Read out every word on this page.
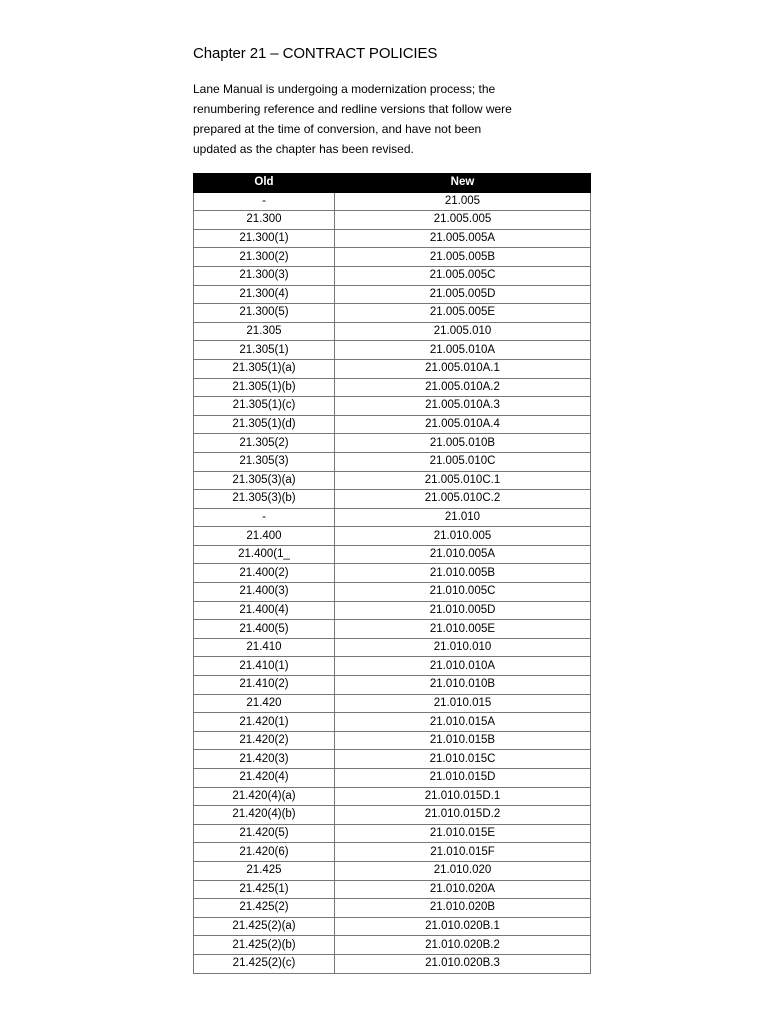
Chapter 21 – CONTRACT POLICIES

Lane Manual is undergoing a modernization process; the

renumbering reference and redline versions that follow were

prepared at the time of conversion, and have not been

updated as the chapter has been revised.

Old	New
-	21.005
21.300	21.005.005
21.300(1)	21.005.005A
21.300(2)	21.005.005B
21.300(3)	21.005.005C
21.300(4)	21.005.005D
21.300(5)	21.005.005E
21.305	21.005.010
21.305(1)	21.005.010A
21.305(1)(a)	21.005.010A.1
21.305(1)(b)	21.005.010A.2
21.305(1)(c)	21.005.010A.3
21.305(1)(d)	21.005.010A.4
21.305(2)	21.005.010B
21.305(3)	21.005.010C
21.305(3)(a)	21.005.010C.1
21.305(3)(b)	21.005.010C.2
-	21.010
21.400	21.010.005
21.400(1_	21.010.005A
21.400(2)	21.010.005B
21.400(3)	21.010.005C
21.400(4)	21.010.005D
21.400(5)	21.010.005E
21.410	21.010.010
21.410(1)	21.010.010A
21.410(2)	21.010.010B
21.420	21.010.015
21.420(1)	21.010.015A
21.420(2)	21.010.015B
21.420(3)	21.010.015C
21.420(4)	21.010.015D
21.420(4)(a)	21.010.015D.1
21.420(4)(b)	21.010.015D.2
21.420(5)	21.010.015E
21.420(6)	21.010.015F
21.425	21.010.020
21.425(1)	21.010.020A
21.425(2)	21.010.020B
21.425(2)(a)	21.010.020B.1
21.425(2)(b)	21.010.020B.2
21.425(2)(c)	21.010.020B.3
